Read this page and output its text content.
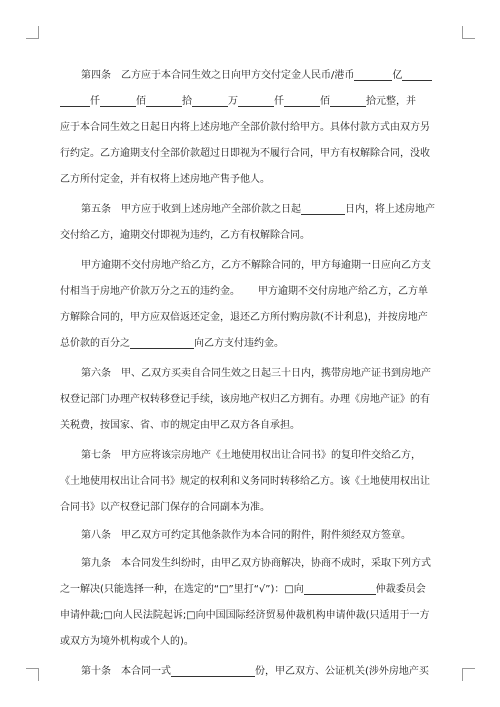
第四条　乙方应于本合同生效之日向甲方交付定金人民币/港币	亿
仟	佰	拾	万	仟	佰	拾元整，并
应于本合同生效之日起日内将上述房地产全部价款付给甲方。具体付款方式由双方另
行约定。乙方逾期支付全部价款超过日即视为不履行合同，甲方有权解除合同，没收
乙方所付定金，并有权将上述房地产售予他人。
第五条　甲方应于收到上述房地产全部价款之日起	日内，将上述房地产
交付给乙方，逾期交付即视为违约，乙方有权解除合同。
甲方逾期不交付房地产给乙方，乙方不解除合同的，甲方每逾期一日应向乙方支
付相当于房地产价款万分之五的违约金。 甲方逾期不交付房地产给乙方，乙方单
方解除合同的，甲方应双倍返还定金，退还乙方所付购房款(不计利息)，并按房地产
总价款的百分之	向乙方支付违约金。
第六条　甲、乙双方买卖自合同生效之日起三十日内，携带房地产证书到房地产
权登记部门办理产权转移登记手续，该房地产权归乙方拥有。办理《房地产证》的有
关税费，按国家、省、市的规定由甲乙双方各自承担。
第七条　甲方应将该宗房地产《土地使用权出让合同书》的复印件交给乙方，
《土地使用权出让合同书》规定的权利和义务同时转移给乙方。该《土地使用权出让
合同书》以产权登记部门保存的合同副本为准。
第八条　甲乙双方可约定其他条款作为本合同的附件，附件须经双方签章。
第九条　本合同发生纠纷时，由甲乙双方协商解决，协商不成时，采取下列方式
之一解决(只能选择一种，在选定的“□”里打“√”)：□向	仲裁委员会
申请仲裁;□向人民法院起诉;□向中国国际经济贸易仲裁机构申请仲裁(只适用于一方
或双方为境外机构或个人的)。
第十条　本合同一式	份，甲乙双方、公证机关(涉外房地产买
